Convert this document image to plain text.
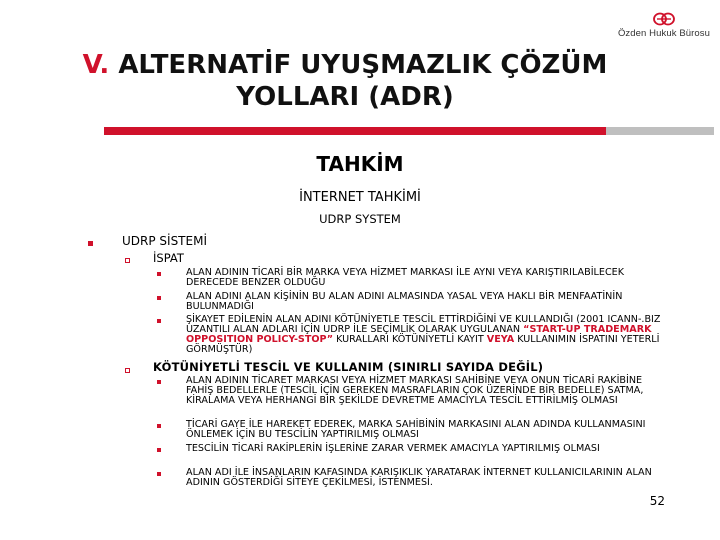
Özden Hukuk Bürosu
V. ALTERNATİF UYUŞMAZLIK ÇÖZÜM
YOLLARI (ADR)
TAHKİM
İNTERNET TAHKİMİ
UDRP SYSTEM
UDRP SİSTEMİ
İSPAT
ALAN ADININ TİCARİ BİR MARKA VEYA HİZMET MARKASI İLE AYNI VEYA KARIŞTIRILABİLECEK DERECEDE BENZER OLDUĞU
ALAN ADINI ALAN KİŞİNİN BU ALAN ADINI ALMASINDA YASAL VEYA HAKLI BİR MENFAATİNİN BULUNMADIĞI
ŞİKAYET EDİLENİN ALAN ADINI KÖTÜNİYETLE TESCİL ETTİRDİĞİNİ VE KULLANDIĞI (2001 ICANN-.BIZ UZANTILI ALAN ADLARI İÇİN UDRP İLE SEÇİMLİK OLARAK UYGULANAN “START-UP TRADEMARK OPPOSITION POLICY-STOP” KURALLARI KÖTÜNİYETLİ KAYIT VEYA KULLANIMIN İSPATINI YETERLİ GÖRMÜŞTÜR)
KÖTÜNİYETLİ TESCİL VE KULLANIM (SINIRLI SAYIDA DEĞİL)
ALAN ADININ TİCARET MARKASI VEYA HİZMET MARKASI SAHİBİNE VEYA ONUN TİCARİ RAKİBİNE FAHİŞ BEDELLERLE (TESCİL İÇİN GEREKEN MASRAFLARIN ÇOK ÜZERİNDE BİR BEDELLE) SATMA, KİRALAMA VEYA HERHANGİ BİR ŞEKİLDE DEVRETME AMACIYLA TESCİL ETTİRİLMİŞ OLMASI
TİCARİ GAYE İLE HAREKET EDEREK, MARKA SAHİBİNİN MARKASINI ALAN ADINDA KULLANMASINI ÖNLEMEK İÇİN BU TESCİLİN YAPTIRILMIŞ OLMASI
TESCİLİN TİCARİ RAKİPLERİN İŞLERİNE ZARAR VERMEK AMACIYLA YAPTIRILMIŞ OLMASI
ALAN ADI İLE İNSANLARIN KAFASINDA KARIŞIKLIK YARATARAK İNTERNET KULLANICILARININ ALAN ADININ GÖSTERDİĞİ SİTEYE ÇEKİLMESİ, İSTENMESİ.
52
